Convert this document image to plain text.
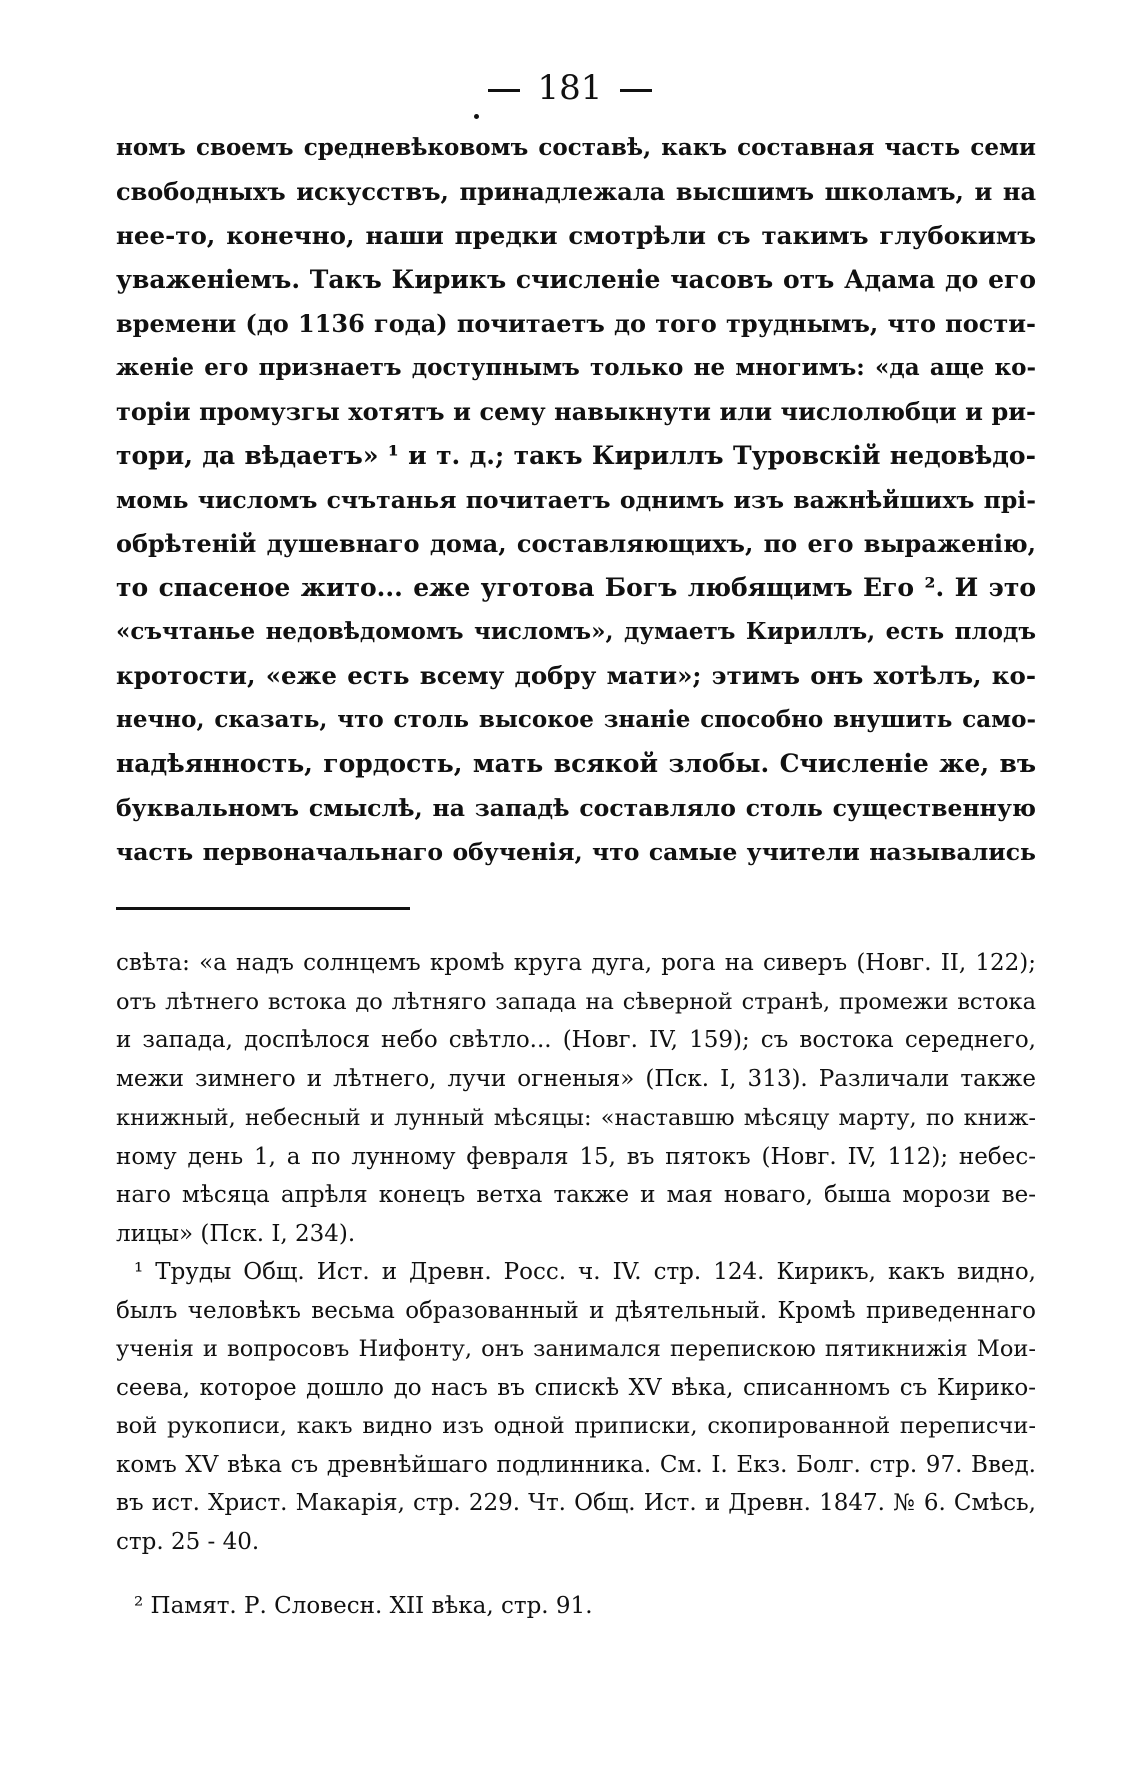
181
номъ своемъ средневѣковомъ составѣ, какъ составная часть семи
свободныхъ искусствъ, принадлежала высшимъ школамъ, и на
нее-то, конечно, наши предки смотрѣли съ такимъ глубокимъ
уваженіемъ. Такъ Кирикъ счисленіе часовъ отъ Адама до его
времени (до 1136 года) почитаетъ до того труднымъ, что пости-
женіе его признаетъ доступнымъ только не многимъ: «да аще ко-
торіи промузгы хотятъ и сему навыкнути или числолюбци и ри-
тори, да вѣдаетъ» ¹ и т. д.; такъ Кириллъ Туровскій недовѣдо-
момь числомъ счътанья почитаетъ однимъ изъ важнѣйшихъ прі-
обрѣтеній душевнаго дома, составляющихъ, по его выраженію,
то спасеное жито... еже уготова Богъ любящимъ Его ². И это
«съчтанье недовѣдомомъ числомъ», думаетъ Кириллъ, есть плодъ
кротости, «еже есть всему добру мати»; этимъ онъ хотѣлъ, ко-
нечно, сказать, что столь высокое знаніе способно внушить само-
надѣянность, гордость, мать всякой злобы. Счисленіе же, въ
буквальномъ смыслѣ, на западѣ составляло столь существенную
часть первоначальнаго обученія, что самые учители назывались
свѣта: «а надъ солнцемъ кромѣ круга дуга, рога на сиверъ (Новг. II, 122);
отъ лѣтнего встока до лѣтняго запада на сѣверной странѣ, промежи встока
и запада, доспѣлося небо свѣтло... (Новг. IV, 159); съ востока середнего,
межи зимнего и лѣтнего, лучи огненыя» (Пск. I, 313). Различали также
книжный, небесный и лунный мѣсяцы: «наставшю мѣсяцу марту, по книж-
ному день 1, а по лунному февраля 15, въ пятокъ (Новг. IV, 112); небес-
наго мѣсяца апрѣля конецъ ветха также и мая новаго, быша морози ве-
лицы» (Пск. I, 234).
¹ Труды Общ. Ист. и Древн. Росс. ч. IV. стр. 124. Кирикъ, какъ видно,
былъ человѣкъ весьма образованный и дѣятельный. Кромѣ приведеннаго
ученія и вопросовъ Нифонту, онъ занимался перепискою пятикнижія Мои-
сеева, которое дошло до насъ въ спискѣ XV вѣка, списанномъ съ Кирико-
вой рукописи, какъ видно изъ одной приписки, скопированной переписчи-
комъ XV вѣка съ древнѣйшаго подлинника. См. I. Екз. Болг. стр. 97. Введ.
въ ист. Христ. Макарія, стр. 229. Чт. Общ. Ист. и Древн. 1847. № 6. Смѣсь,
стр. 25 - 40.
² Памят. Р. Словесн. XII вѣка, стр. 91.
